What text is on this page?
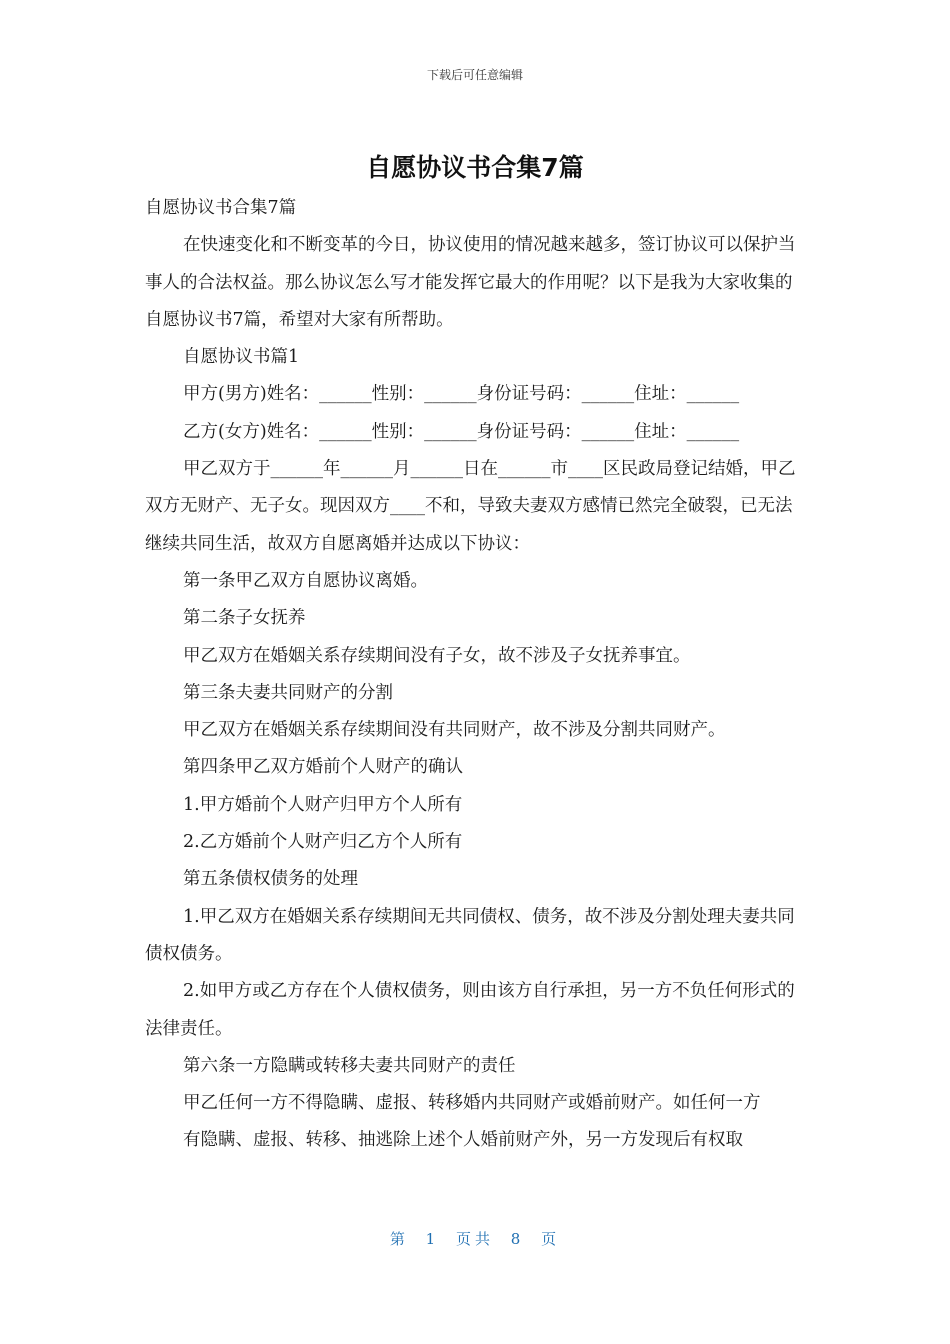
下载后可任意编辑
自愿协议书合集7篇

自愿协议书合集7篇

在快速变化和不断变革的今日，协议使用的情况越来越多，签订协议可以保护当事人的合法权益。那么协议怎么写才能发挥它最大的作用呢？以下是我为大家收集的自愿协议书7篇，希望对大家有所帮助。

自愿协议书篇1

甲方(男方)姓名：______性别：______身份证号码：______住址：______

乙方(女方)姓名：______性别：______身份证号码：______住址：______

甲乙双方于______年______月______日在______市____区民政局登记结婚，甲乙双方无财产、无子女。现因双方____不和，导致夫妻双方感情已然完全破裂，已无法继续共同生活，故双方自愿离婚并达成以下协议：

第一条甲乙双方自愿协议离婚。

第二条子女抚养

甲乙双方在婚姻关系存续期间没有子女，故不涉及子女抚养事宜。

第三条夫妻共同财产的分割

甲乙双方在婚姻关系存续期间没有共同财产，故不涉及分割共同财产。

第四条甲乙双方婚前个人财产的确认

1.甲方婚前个人财产归甲方个人所有

2.乙方婚前个人财产归乙方个人所有

第五条债权债务的处理

1.甲乙双方在婚姻关系存续期间无共同债权、债务，故不涉及分割处理夫妻共同债权债务。

2.如甲方或乙方存在个人债权债务，则由该方自行承担，另一方不负任何形式的法律责任。

第六条一方隐瞒或转移夫妻共同财产的责任

甲乙任何一方不得隐瞒、虚报、转移婚内共同财产或婚前财产。如任何一方

有隐瞒、虚报、转移、抽逃除上述个人婚前财产外，另一方发现后有权取

第 1 页共 8 页
